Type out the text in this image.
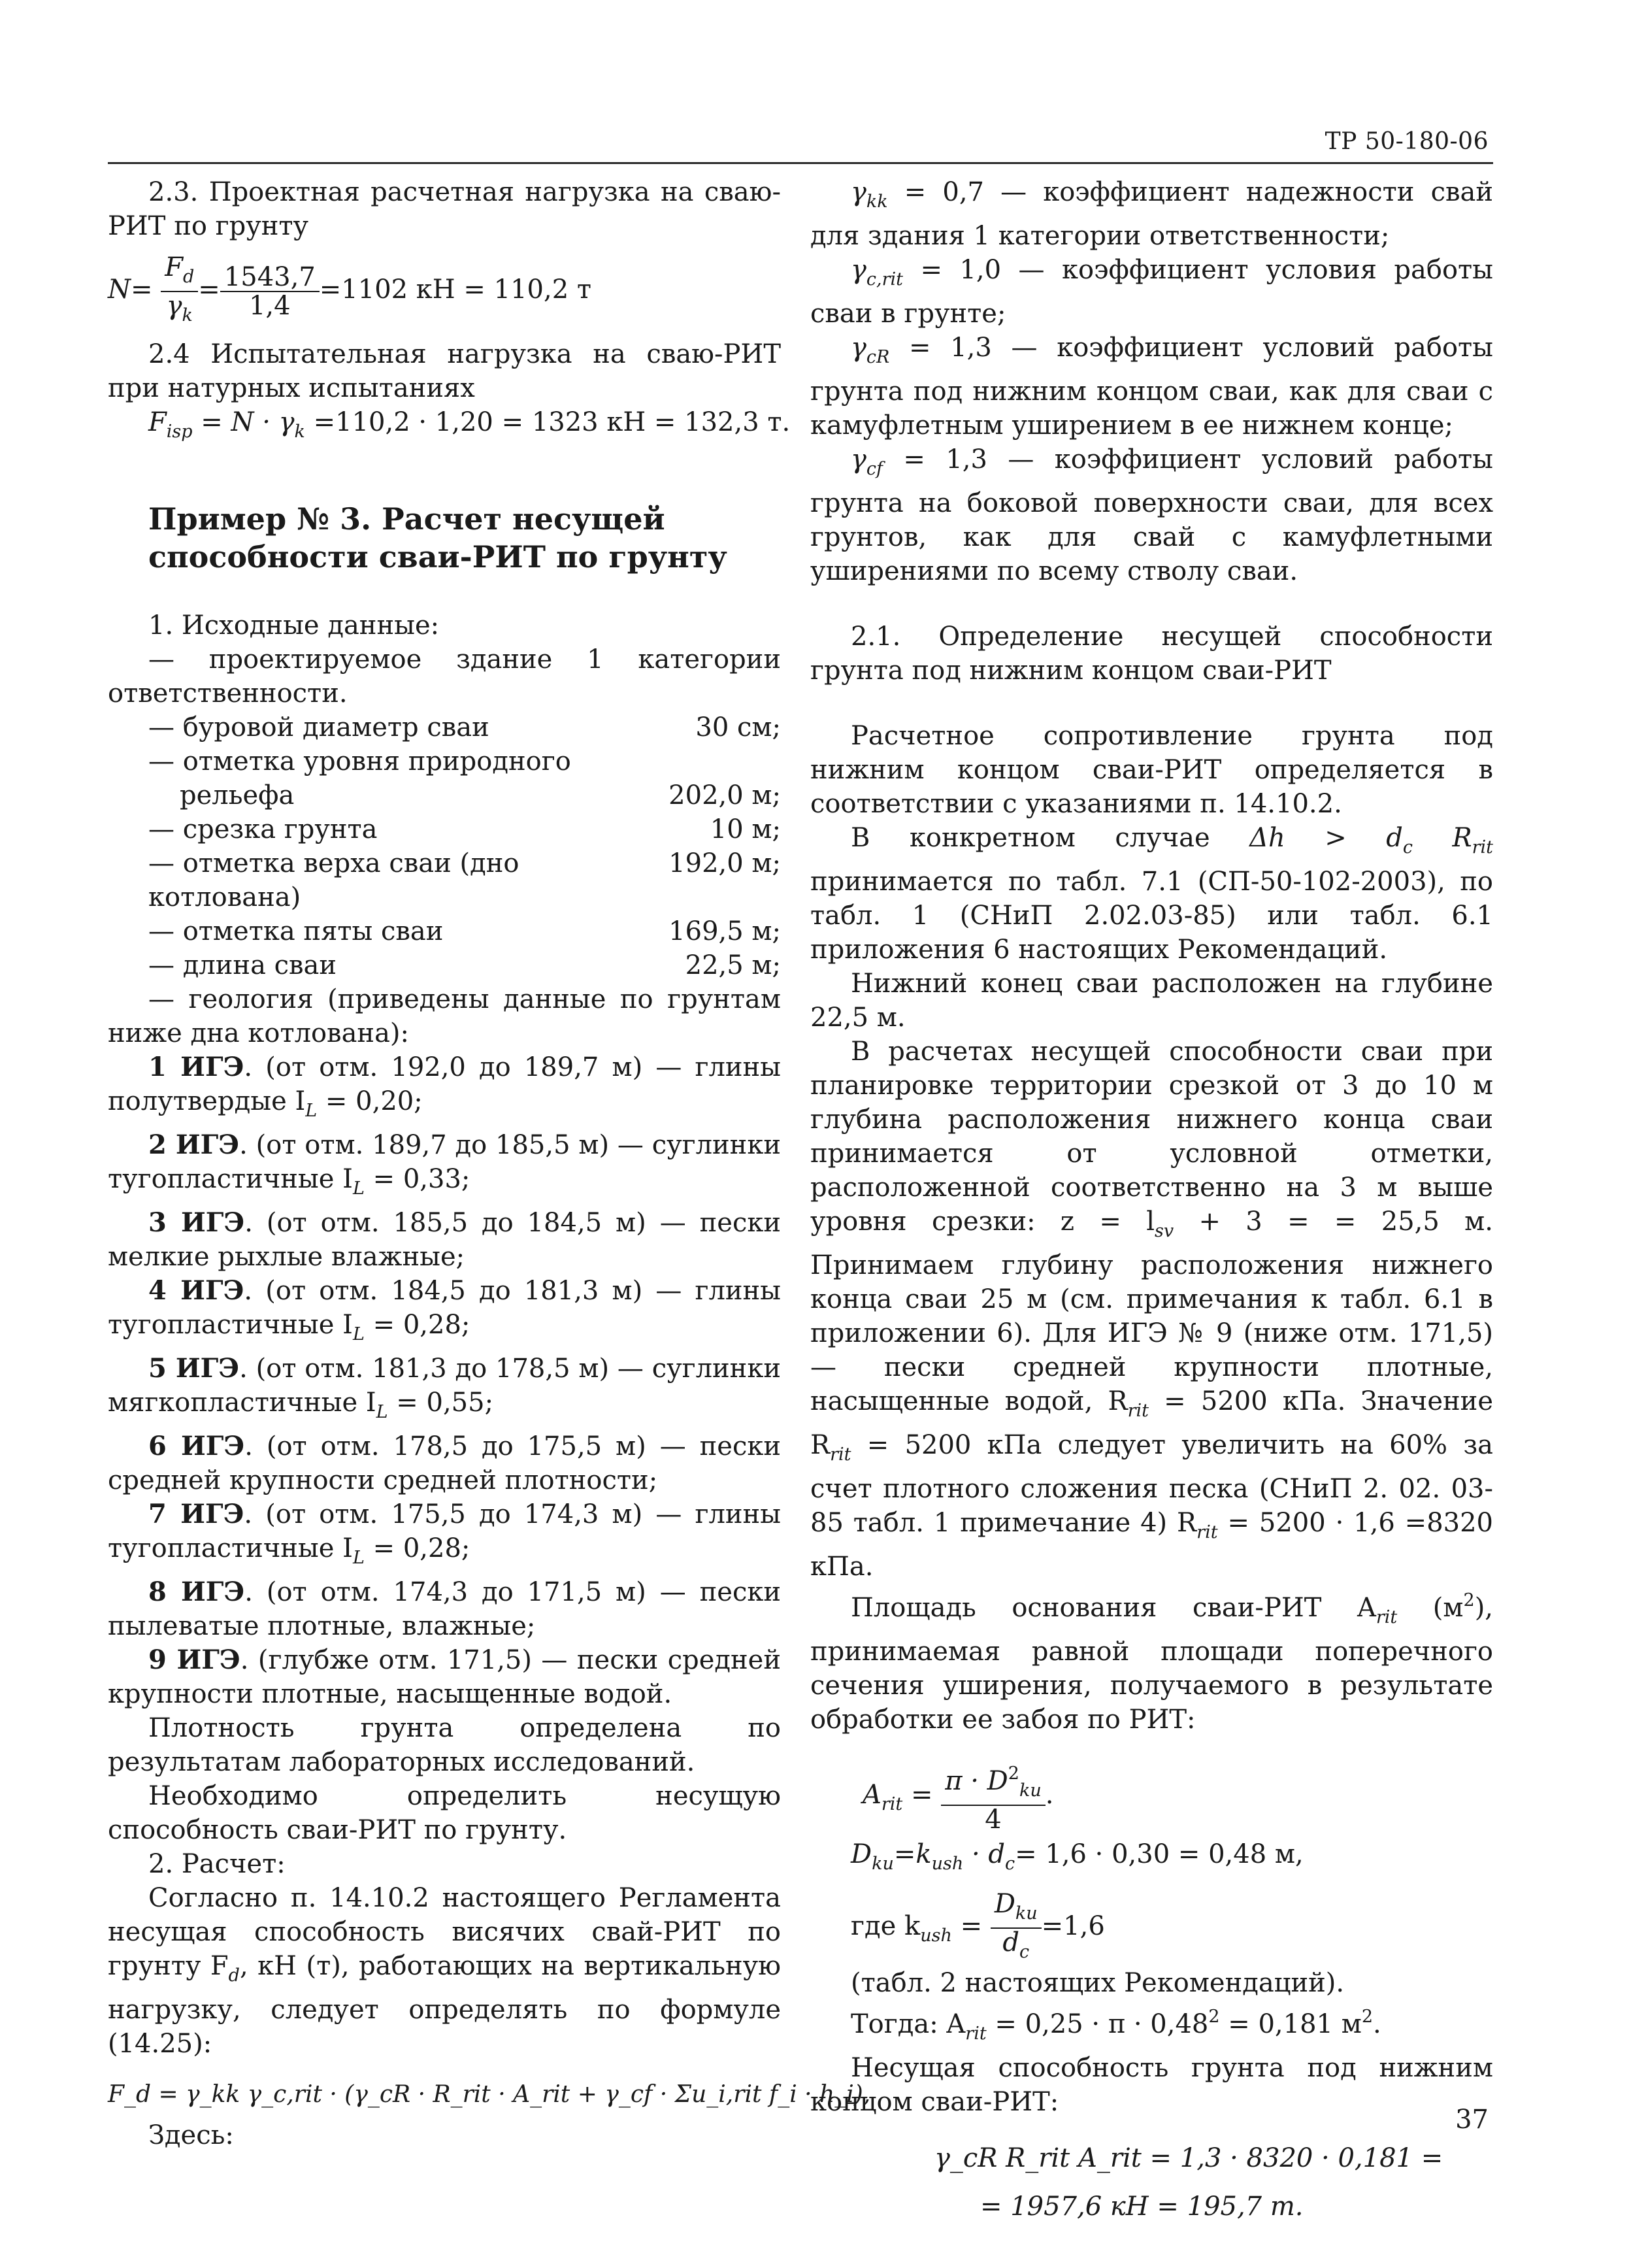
ТР 50-180-06

2.3. Проектная расчетная нагрузка на сваю-РИТ по грунту

$N= \frac{F_d}{\gamma_k} = \frac{1543,7}{1,4} =1102$ кН = 110,2 т

2.4 Испытательная нагрузка на сваю-РИТ при натурных испытаниях

$F_{isp} = N \cdot \gamma_k =110,2 \cdot 1,20 = 1323$ кН = 132,3 т.

Пример № 3. Расчет несущей способности сваи-РИТ по грунту

1. Исходные данные:

— проектируемое здание 1 категории ответственности.

— буровой диаметр сваи	30 см;
— отметка уровня природного
рельефа	202,0 м;
— срезка грунта	10 м;
— отметка верха сваи (дно котлована)
192,0 м;
— отметка пяты сваи	169,5 м;
— длина сваи	22,5 м;

— геология (приведены данные по грунтам ниже дна котлована):

1 ИГЭ. (от отм. 192,0 до 189,7 м) — глины полутвердые $I_L = 0,20$;

2 ИГЭ. (от отм. 189,7 до 185,5 м) — суглинки тугопластичные $I_L = 0,33$;

3 ИГЭ. (от отм. 185,5 до 184,5 м) — пески мелкие рыхлые влажные;

4 ИГЭ. (от отм. 184,5 до 181,3 м) — глины тугопластичные $I_L = 0,28$;

5 ИГЭ. (от отм. 181,3 до 178,5 м) — суглинки мягкопластичные $I_L = 0,55$;

6 ИГЭ. (от отм. 178,5 до 175,5 м) — пески средней крупности средней плотности;

7 ИГЭ. (от отм. 175,5 до 174,3 м) — глины тугопластичные $I_L = 0,28$;

8 ИГЭ. (от отм. 174,3 до 171,5 м) — пески пылеватые плотные, влажные;

9 ИГЭ. (глубже отм. 171,5) — пески средней крупности плотные, насыщенные водой.

Плотность грунта определена по результатам лабораторных исследований.

Необходимо определить несущую способность сваи-РИТ по грунту.

2. Расчет:

Согласно п. 14.10.2 настоящего Регламента несущая способность висячих свай-РИТ по грунту $F_d$, кН (т), работающих на вертикальную нагрузку, следует определять по формуле (14.25):

F_d = γ_kk γ_c,rit · (γ_cR · R_rit · A_rit + γ_cf · Σu_i,rit f_i · h_i),

Здесь:

$\gamma_{kk} = 0,7$ — коэффициент надежности свай для здания 1 категории ответственности;

$\gamma_{c,rit} = 1,0$ — коэффициент условия работы сваи в грунте;

$\gamma_{cR} = 1,3$ — коэффициент условий работы грунта под нижним концом сваи, как для сваи с камуфлетным уширением в ее нижнем конце;

$\gamma_{cf} = 1,3$ — коэффициент условий работы грунта на боковой поверхности сваи, для всех грунтов, как для свай с камуфлетными уширениями по всему стволу сваи.

2.1. Определение несущей способности грунта под нижним концом сваи-РИТ

Расчетное сопротивление грунта под нижним концом сваи-РИТ определяется в соответствии с указаниями п. 14.10.2.

В конкретном случае $\Delta h > d_c$ $R_{rit}$ принимается по табл. 7.1 (СП-50-102-2003), по табл. 1 (СНиП 2.02.03-85) или табл. 6.1 приложения 6 настоящих Рекомендаций.

Нижний конец сваи расположен на глубине 22,5 м.

В расчетах несущей способности сваи при планировке территории срезкой от 3 до 10 м глубина расположения нижнего конца сваи принимается от условной отметки, расположенной соответственно на 3 м выше уровня срезки: $z = l_{sv} + 3$ = = 25,5 м. Принимаем глубину расположения нижнего конца сваи 25 м (см. примечания к табл. 6.1 в приложении 6). Для ИГЭ № 9 (ниже отм. 171,5) — пески средней крупности плотные, насыщенные водой, $R_{rit} = 5200$ кПа. Значение $R_{rit} = 5200$ кПа следует увеличить на 60% за счет плотного сложения песка (СНиП 2. 02. 03-85 табл. 1 примечание 4) $R_{rit} = 5200 \cdot 1,6 =8320$ кПа.

Площадь основания сваи-РИТ $A_{rit}$ $(м^2)$, принимаемая равной площади поперечного сечения уширения, получаемого в результате обработки ее забоя по РИТ:

$A_{rit} = \frac{\pi \cdot D^2_{ku}}{4}$ .
$D_{ku}=k_{ush} \cdot d_c= 1,6 \cdot 0,30 = 0,48$ м,
где $k_{ush} = \frac{D_{ku}}{d_c} =1,6$

(табл. 2 настоящих Рекомендаций).

Тогда: $A_{rit} = 0,25 \cdot \pi \cdot 0,48^2 = 0,181$ $м^2$.

Несущая способность грунта под нижним концом сваи-РИТ:

γ_cR R_rit A_rit = 1,3 · 8320 · 0,181 =
= 1957,6 кН = 195,7 т.
37
